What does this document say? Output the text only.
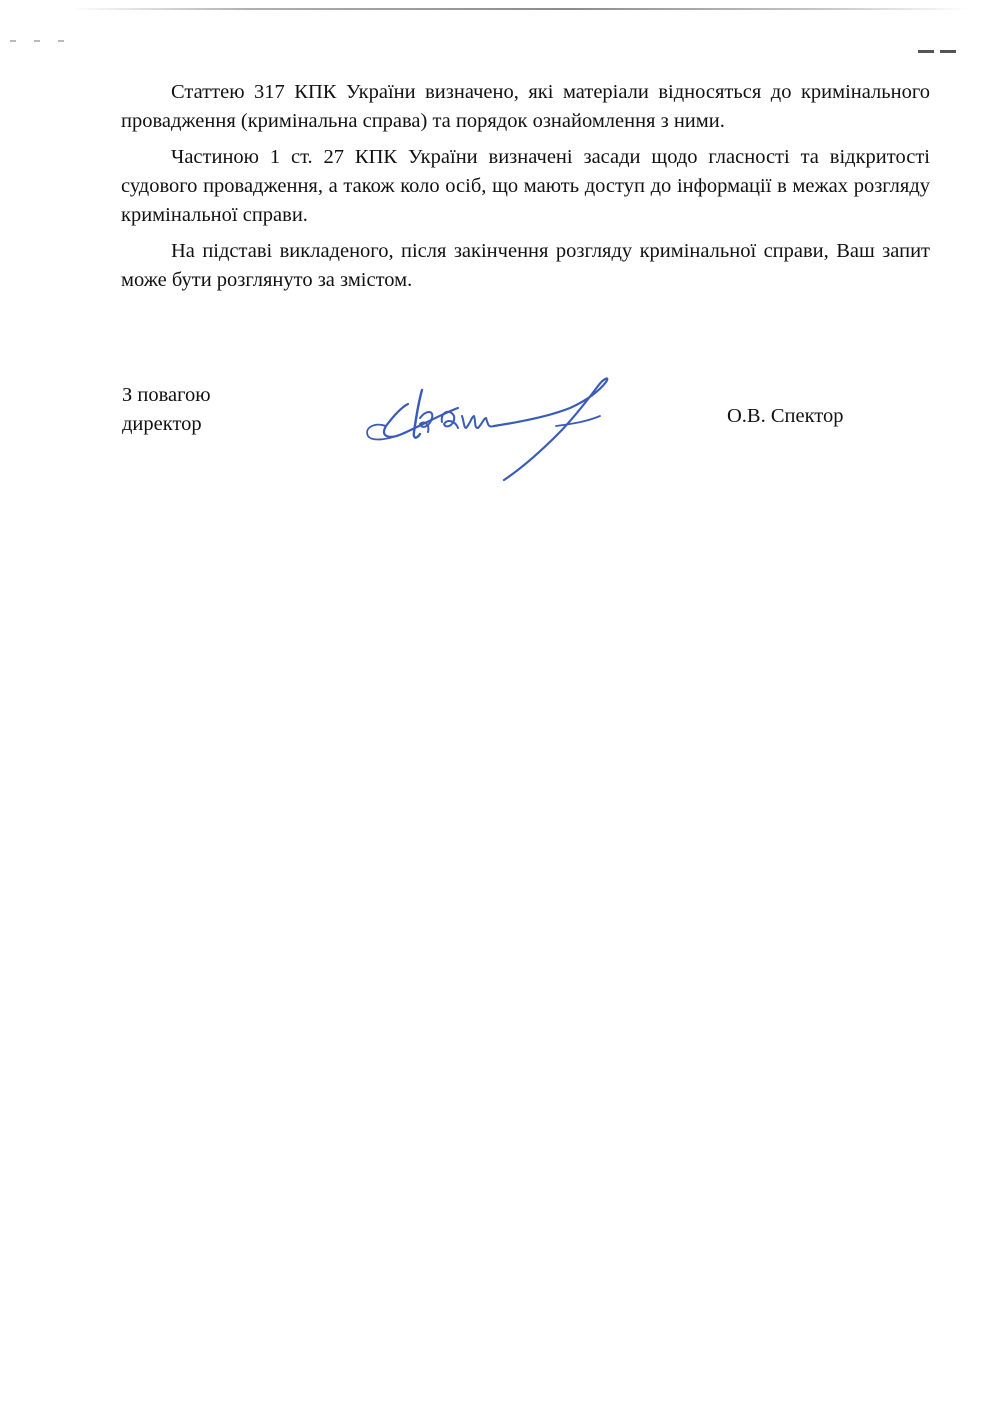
Статтею 317 КПК України визначено, які матеріали відносяться до кримінального провадження (кримінальна справа) та порядок ознайомлення з ними.

Частиною 1 ст. 27 КПК України визначені засади щодо гласності та відкритості судового провадження, а також коло осіб, що мають доступ до інформації в межах розгляду кримінальної справи.

На підставі викладеного, після закінчення розгляду кримінальної справи, Ваш запит може бути розглянуто за змістом.

З повагою
директор	О.В. Спектор
